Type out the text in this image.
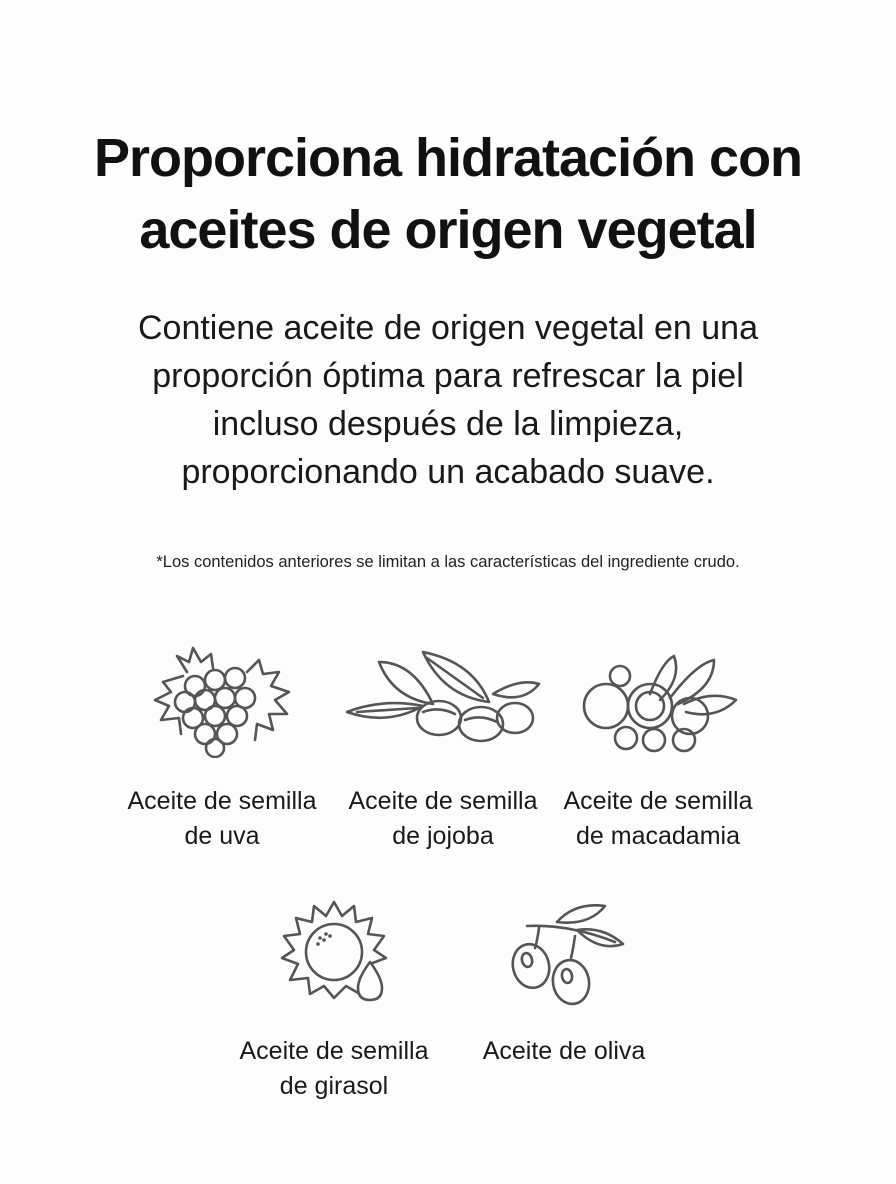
Proporciona hidratación con
aceites de origen vegetal

Contiene aceite de origen vegetal en una
proporción óptima para refrescar la piel
incluso después de la limpieza,
proporcionando un acabado suave.

*Los contenidos anteriores se limitan a las características del ingrediente crudo.
Aceite de semilla
de uva
Aceite de semilla
de jojoba
Aceite de semilla
de macadamia
Aceite de semilla
de girasol
Aceite de oliva
